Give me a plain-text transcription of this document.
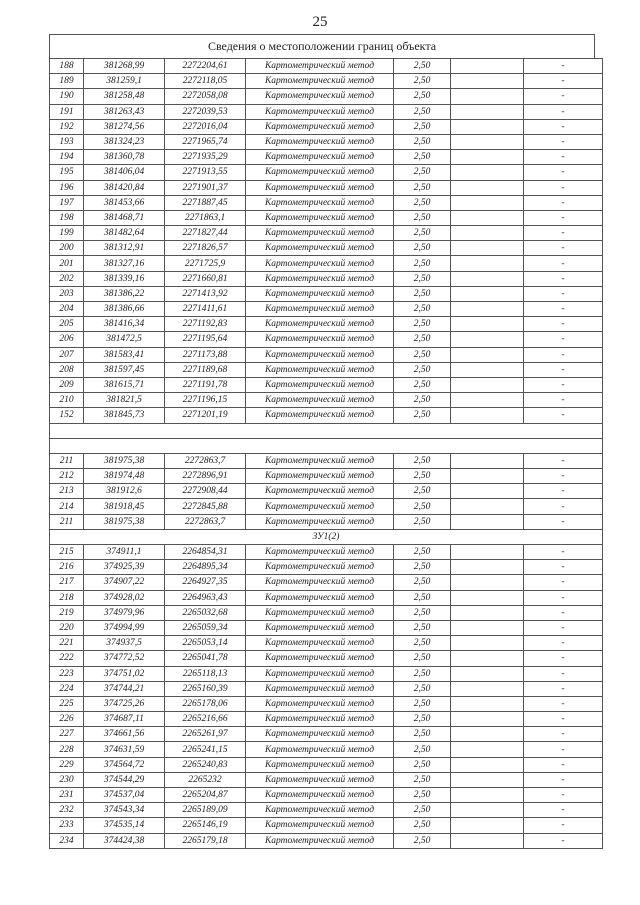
25
Сведения о местоположении границ объекта
188	381268,99	2272204,61	Картометрический метод	2,50		-
189	381259,1	2272118,05	Картометрический метод	2,50		-
190	381258,48	2272058,08	Картометрический метод	2,50		-
191	381263,43	2272039,53	Картометрический метод	2,50		-
192	381274,56	2272016,04	Картометрический метод	2,50		-
193	381324,23	2271965,74	Картометрический метод	2,50		-
194	381360,78	2271935,29	Картометрический метод	2,50		-
195	381406,04	2271913,55	Картометрический метод	2,50		-
196	381420,84	2271901,37	Картометрический метод	2,50		-
197	381453,66	2271887,45	Картометрический метод	2,50		-
198	381468,71	2271863,1	Картометрический метод	2,50		-
199	381482,64	2271827,44	Картометрический метод	2,50		-
200	381312,91	2271826,57	Картометрический метод	2,50		-
201	381327,16	2271725,9	Картометрический метод	2,50		-
202	381339,16	2271660,81	Картометрический метод	2,50		-
203	381386,22	2271413,92	Картометрический метод	2,50		-
204	381386,66	2271411,61	Картометрический метод	2,50		-
205	381416,34	2271192,83	Картометрический метод	2,50		-
206	381472,5	2271195,64	Картометрический метод	2,50		-
207	381583,41	2271173,88	Картометрический метод	2,50		-
208	381597,45	2271189,68	Картометрический метод	2,50		-
209	381615,71	2271191,78	Картометрический метод	2,50		-
210	381821,5	2271196,15	Картометрический метод	2,50		-
152	381845,73	2271201,19	Картометрический метод	2,50		-

211	381975,38	2272863,7	Картометрический метод	2,50		-
212	381974,48	2272896,91	Картометрический метод	2,50		-
213	381912,6	2272908,44	Картометрический метод	2,50		-
214	381918,45	2272845,88	Картометрический метод	2,50		-
211	381975,38	2272863,7	Картометрический метод	2,50		-
ЗУ1(2)						
215	374911,1	2264854,31	Картометрический метод	2,50		-
216	374925,39	2264895,34	Картометрический метод	2,50		-
217	374907,22	2264927,35	Картометрический метод	2,50		-
218	374928,02	2264963,43	Картометрический метод	2,50		-
219	374979,96	2265032,68	Картометрический метод	2,50		-
220	374994,99	2265059,34	Картометрический метод	2,50		-
221	374937,5	2265053,14	Картометрический метод	2,50		-
222	374772,52	2265041,78	Картометрический метод	2,50		-
223	374751,02	2265118,13	Картометрический метод	2,50		-
224	374744,21	2265160,39	Картометрический метод	2,50		-
225	374725,26	2265178,06	Картометрический метод	2,50		-
226	374687,11	2265216,66	Картометрический метод	2,50		-
227	374661,56	2265261,97	Картометрический метод	2,50		-
228	374631,59	2265241,15	Картометрический метод	2,50		-
229	374564,72	2265240,83	Картометрический метод	2,50		-
230	374544,29	2265232	Картометрический метод	2,50		-
231	374537,04	2265204,87	Картометрический метод	2,50		-
232	374543,34	2265189,09	Картометрический метод	2,50		-
233	374535,14	2265146,19	Картометрический метод	2,50		-
234	374424,38	2265179,18	Картометрический метод	2,50		-
